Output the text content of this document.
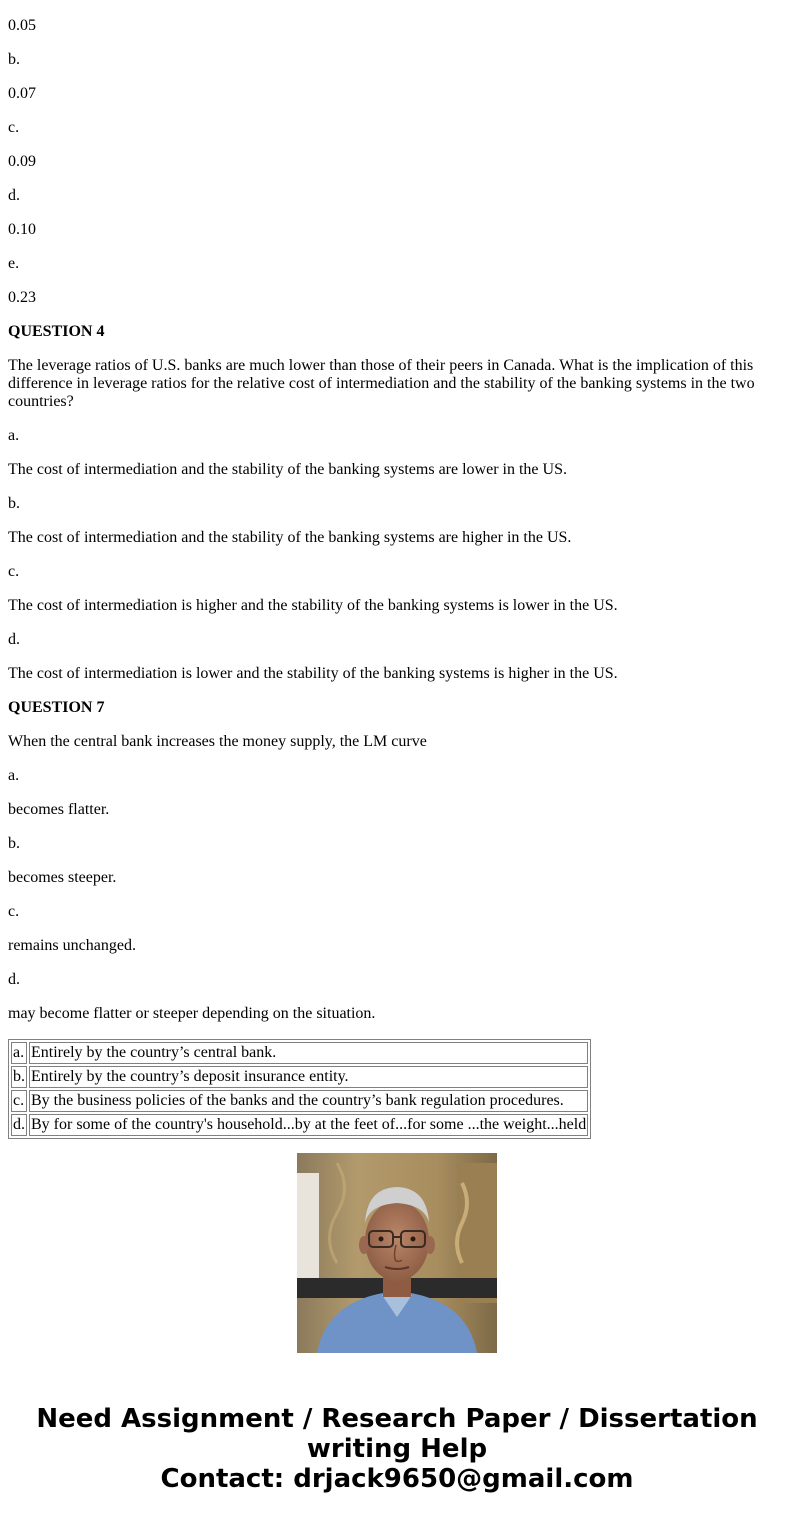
0.05

b.

0.07

c.

0.09

d.

0.10

e.

0.23

QUESTION 4

The leverage ratios of U.S. banks are much lower than those of their peers in Canada. What is the implication of this difference in leverage ratios for the relative cost of intermediation and the stability of the banking systems in the two countries?

a.

The cost of intermediation and the stability of the banking systems are lower in the US.

b.

The cost of intermediation and the stability of the banking systems are higher in the US.

c.

The cost of intermediation is higher and the stability of the banking systems is lower in the US.

d.

The cost of intermediation is lower and the stability of the banking systems is higher in the US.

QUESTION 7

When the central bank increases the money supply, the LM curve

a.

becomes flatter.

b.

becomes steeper.

c.

remains unchanged.

d.

may become flatter or steeper depending on the situation.

a.	Entirely by the country’s central bank.
b.	Entirely by the country’s deposit insurance entity.
c.	By the business policies of the banks and the country’s bank regulation procedures.
d.	By for some of the country's household...by at the feet of...for some ...the weight...held
Need Assignment / Research Paper / Dissertation
writing Help
Contact: drjack9650@gmail.com
